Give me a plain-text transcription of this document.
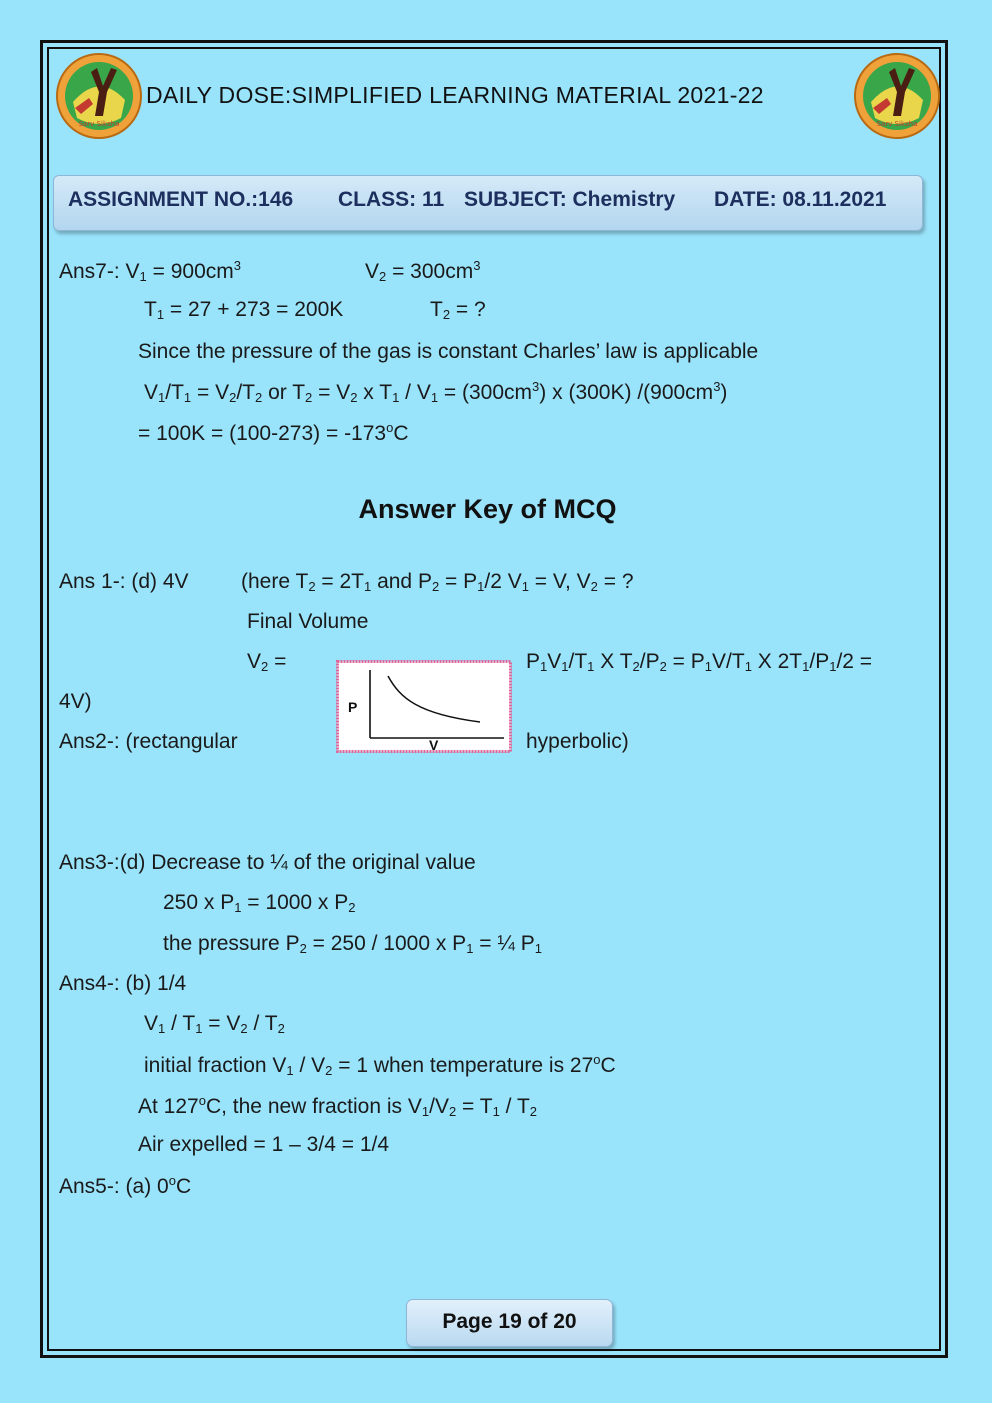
Sarv Siksha	Sarv Siksha
DAILY DOSE:SIMPLIFIED LEARNING MATERIAL 2021-22
ASSIGNMENT NO.:146 CLASS: 11 SUBJECT: Chemistry DATE: 08.11.2021
Ans7-: $V_1 = 900cm^3$	$V_2 = 300cm^3$
$T_1 = 27 + 273 = 200K$	$T_2$ = ?
Since the pressure of the gas is constant Charles’ law is applicable
$V_1/T_1 = V_2/T_2$ or $T_2 = V_2$ x $T_1 / V_1 = (300cm^3)$ x (300K) $/(900cm^3)$
= $100K = (100-273) = -173^oC$
Answer Key of MCQ
Ans 1-: (d) 4V (here $T_2 = 2T_1$ and $P_2 = P_1/2$ $V_1 = V$, $V_2$ = ?
Final Volume
$V_2$ =	$P_1V_1/T_1$ X $T_2/P_2 = P_1V/T_1$ X $2T_1/P_1/2$ =
4V)	P
V
Ans2-: (rectangular	hyperbolic)
Ans3-:(d) Decrease to ¼ of the original value
250 x $P_1 = 1000$ x $P_2$
the pressure $P_2 = 250 / 1000$ x $P_1$ = ¼ $P_1$
Ans4-: (b) 1/4
$V_1 / T_1 = V_2 / T_2$
initial fraction $V_1 / V_2 = 1$ when temperature is 27$^o$C
At 127$^o$C, the new fraction is $V_1/V_2 = T_1 / T_2$
Air expelled = 1 – 3/4 = 1/4
Ans5-: (a) 0$^o$C
Page 19 of 20
